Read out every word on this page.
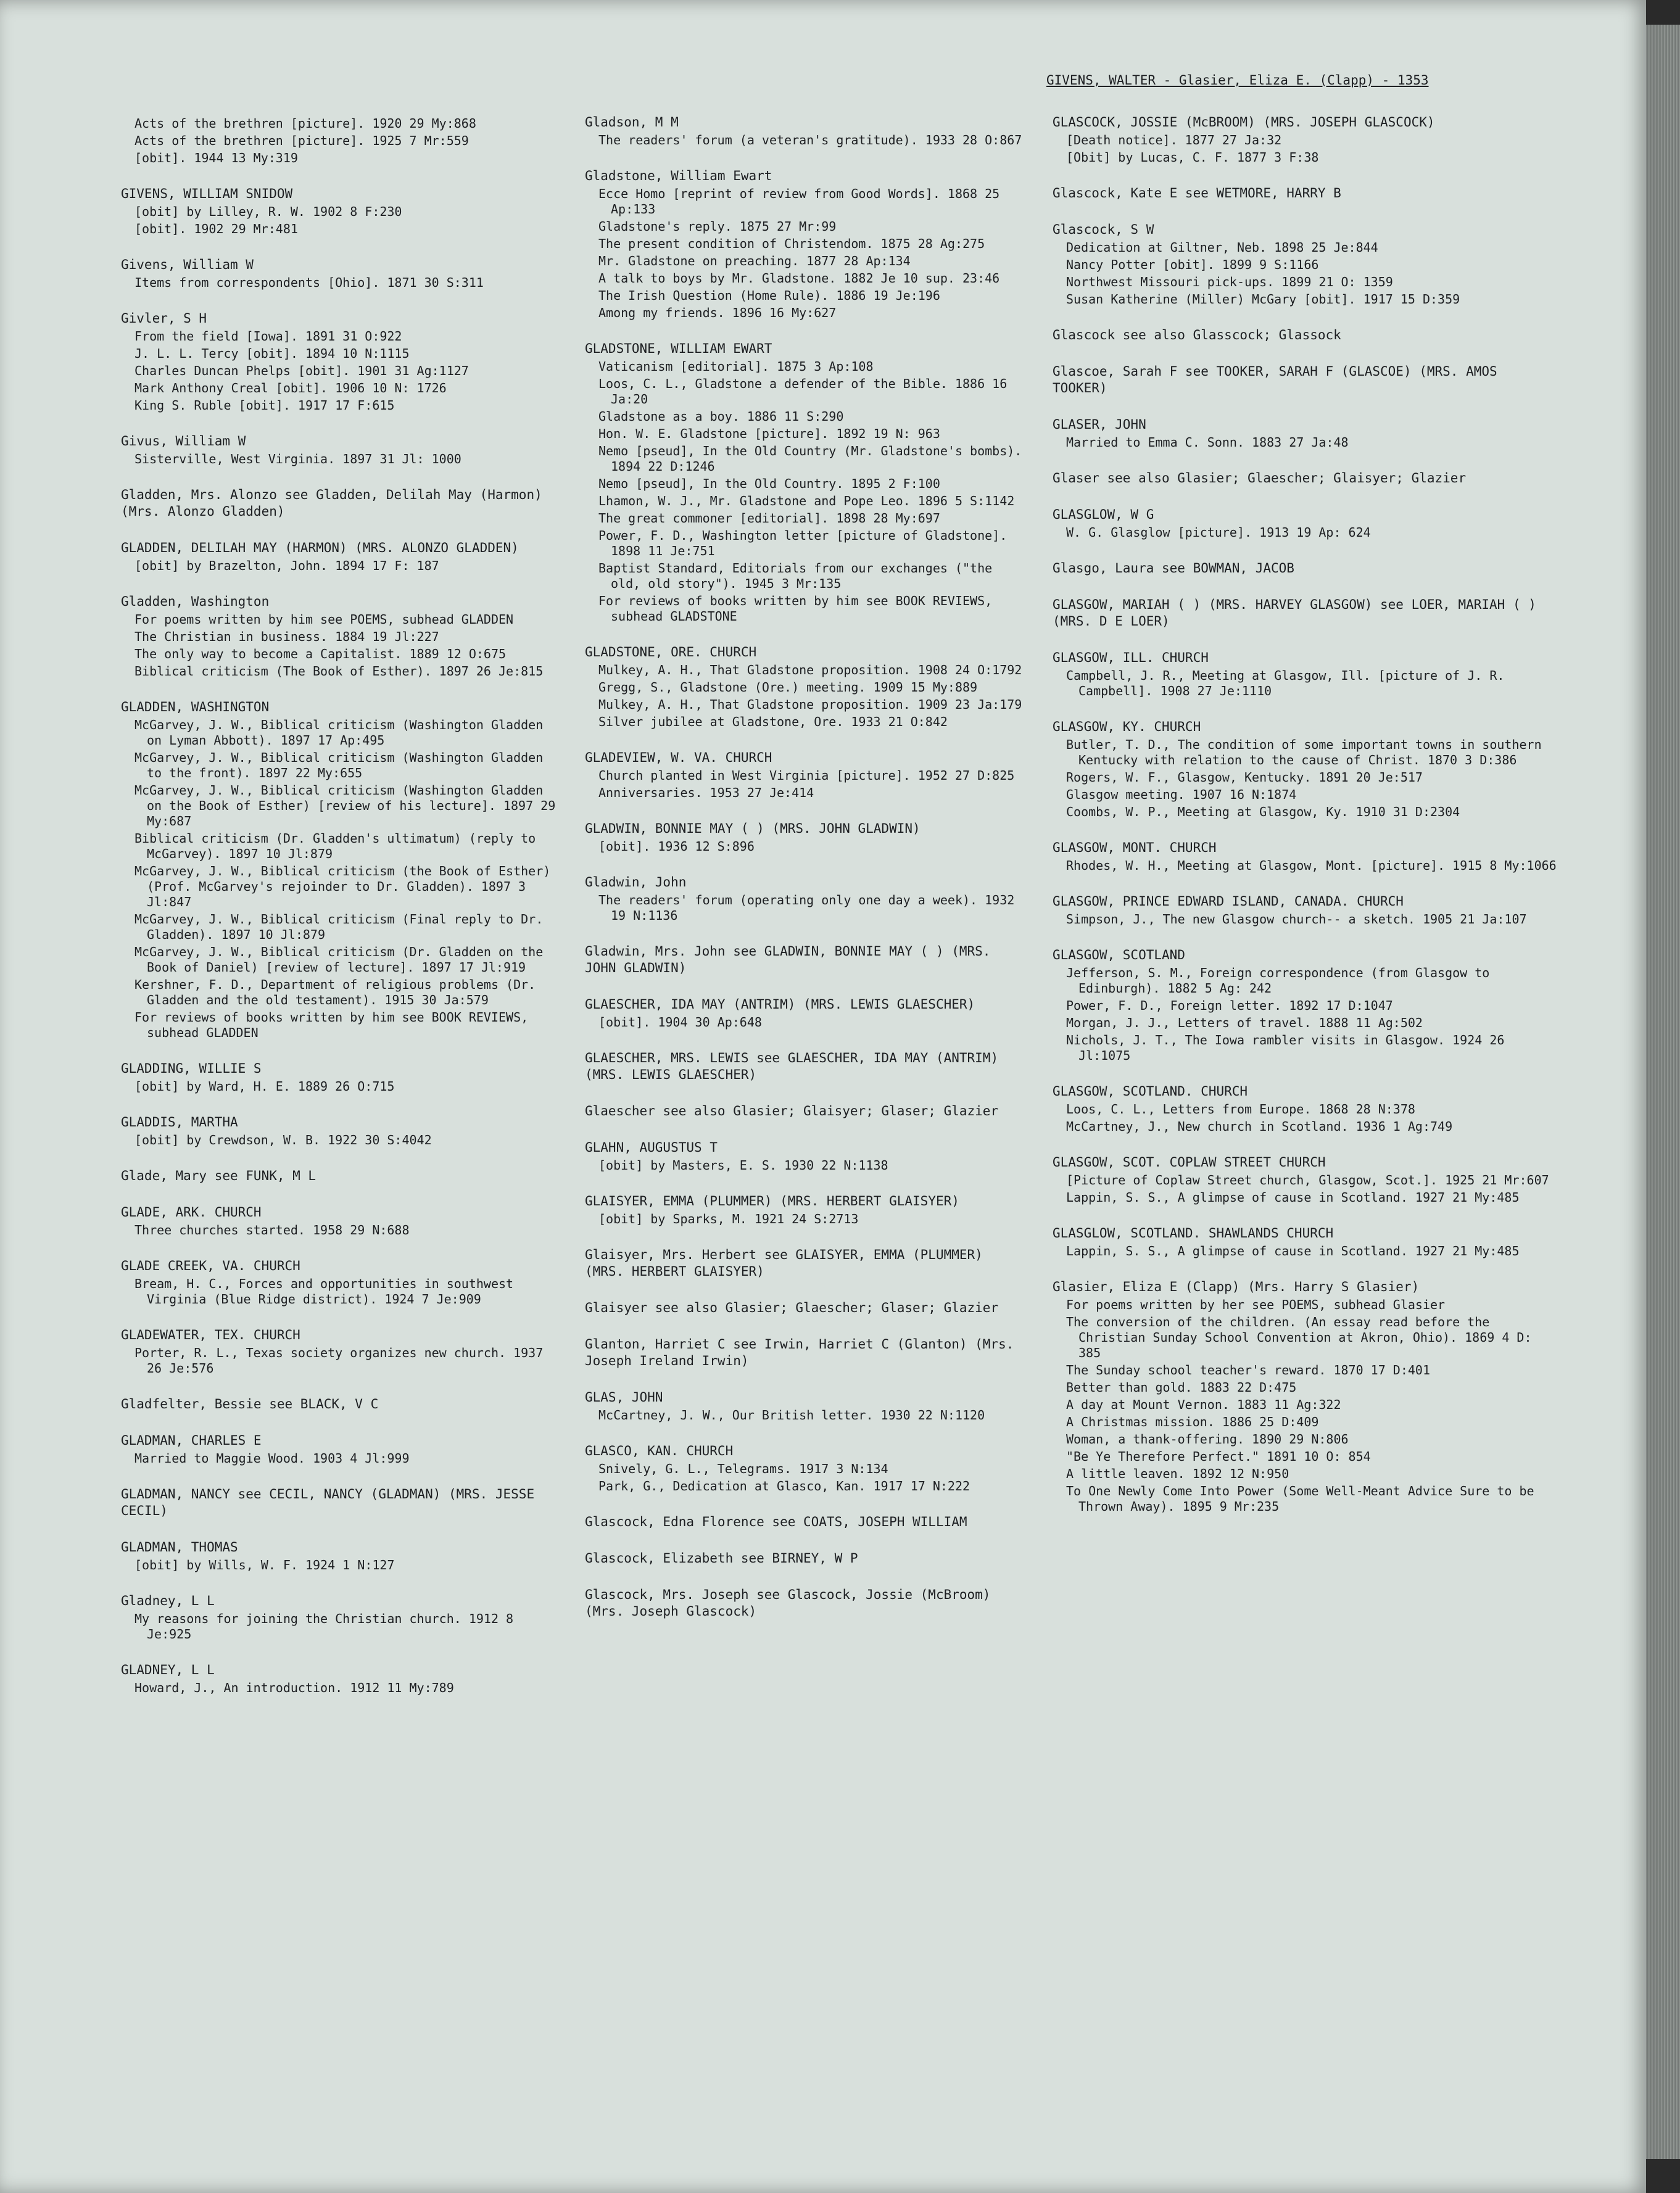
GIVENS, WALTER - Glasier, Eliza E. (Clapp) - 1353
Acts of the brethren [picture]. 1920 29 My:868
Acts of the brethren [picture]. 1925 7 Mr:559
[obit]. 1944 13 My:319
GIVENS, WILLIAM SNIDOW
[obit] by Lilley, R. W. 1902 8 F:230
[obit]. 1902 29 Mr:481
Givens, William W
Items from correspondents [Ohio]. 1871 30 S:311
Givler, S H
From the field [Iowa]. 1891 31 O:922
J. L. L. Tercy [obit]. 1894 10 N:1115
Charles Duncan Phelps [obit]. 1901 31 Ag:1127
Mark Anthony Creal [obit]. 1906 10 N: 1726
King S. Ruble [obit]. 1917 17 F:615
Givus, William W
Sisterville, West Virginia. 1897 31 Jl: 1000
Gladden, Mrs. Alonzo see Gladden, Delilah May (Harmon) (Mrs. Alonzo Gladden)
GLADDEN, DELILAH MAY (HARMON) (MRS. ALONZO GLADDEN)
[obit] by Brazelton, John. 1894 17 F: 187
Gladden, Washington
For poems written by him see POEMS, subhead GLADDEN
The Christian in business. 1884 19 Jl:227
The only way to become a Capitalist. 1889 12 O:675
Biblical criticism (The Book of Esther). 1897 26 Je:815
GLADDEN, WASHINGTON
McGarvey, J. W., Biblical criticism (Washington Gladden on Lyman Abbott). 1897 17 Ap:495
McGarvey, J. W., Biblical criticism (Washington Gladden to the front). 1897 22 My:655
McGarvey, J. W., Biblical criticism (Washington Gladden on the Book of Esther) [review of his lecture]. 1897 29 My:687
Biblical criticism (Dr. Gladden's ultimatum) (reply to McGarvey). 1897 10 Jl:879
McGarvey, J. W., Biblical criticism (the Book of Esther) (Prof. McGarvey's rejoinder to Dr. Gladden). 1897 3 Jl:847
McGarvey, J. W., Biblical criticism (Final reply to Dr. Gladden). 1897 10 Jl:879
McGarvey, J. W., Biblical criticism (Dr. Gladden on the Book of Daniel) [review of lecture]. 1897 17 Jl:919
Kershner, F. D., Department of religious problems (Dr. Gladden and the old testament). 1915 30 Ja:579
For reviews of books written by him see BOOK REVIEWS, subhead GLADDEN
GLADDING, WILLIE S
[obit] by Ward, H. E. 1889 26 O:715
GLADDIS, MARTHA
[obit] by Crewdson, W. B. 1922 30 S:4042
Glade, Mary see FUNK, M L
GLADE, ARK. CHURCH
Three churches started. 1958 29 N:688
GLADE CREEK, VA. CHURCH
Bream, H. C., Forces and opportunities in southwest Virginia (Blue Ridge district). 1924 7 Je:909
GLADEWATER, TEX. CHURCH
Porter, R. L., Texas society organizes new church. 1937 26 Je:576
Gladfelter, Bessie see BLACK, V C
GLADMAN, CHARLES E
Married to Maggie Wood. 1903 4 Jl:999
GLADMAN, NANCY see CECIL, NANCY (GLADMAN) (MRS. JESSE CECIL)
GLADMAN, THOMAS
[obit] by Wills, W. F. 1924 1 N:127
Gladney, L L
My reasons for joining the Christian church. 1912 8 Je:925
GLADNEY, L L
Howard, J., An introduction. 1912 11 My:789
Gladson, M M
The readers' forum (a veteran's gratitude). 1933 28 O:867
Gladstone, William Ewart
Ecce Homo [reprint of review from Good Words]. 1868 25 Ap:133
Gladstone's reply. 1875 27 Mr:99
The present condition of Christendom. 1875 28 Ag:275
Mr. Gladstone on preaching. 1877 28 Ap:134
A talk to boys by Mr. Gladstone. 1882 Je 10 sup. 23:46
The Irish Question (Home Rule). 1886 19 Je:196
Among my friends. 1896 16 My:627
GLADSTONE, WILLIAM EWART
Vaticanism [editorial]. 1875 3 Ap:108
Loos, C. L., Gladstone a defender of the Bible. 1886 16 Ja:20
Gladstone as a boy. 1886 11 S:290
Hon. W. E. Gladstone [picture]. 1892 19 N: 963
Nemo [pseud], In the Old Country (Mr. Gladstone's bombs). 1894 22 D:1246
Nemo [pseud], In the Old Country. 1895 2 F:100
Lhamon, W. J., Mr. Gladstone and Pope Leo. 1896 5 S:1142
The great commoner [editorial]. 1898 28 My:697
Power, F. D., Washington letter [picture of Gladstone]. 1898 11 Je:751
Baptist Standard, Editorials from our exchanges ("the old, old story"). 1945 3 Mr:135
For reviews of books written by him see BOOK REVIEWS, subhead GLADSTONE
GLADSTONE, ORE. CHURCH
Mulkey, A. H., That Gladstone proposition. 1908 24 O:1792
Gregg, S., Gladstone (Ore.) meeting. 1909 15 My:889
Mulkey, A. H., That Gladstone proposition. 1909 23 Ja:179
Silver jubilee at Gladstone, Ore. 1933 21 O:842
GLADEVIEW, W. VA. CHURCH
Church planted in West Virginia [picture]. 1952 27 D:825
Anniversaries. 1953 27 Je:414
GLADWIN, BONNIE MAY ( ) (MRS. JOHN GLADWIN)
[obit]. 1936 12 S:896
Gladwin, John
The readers' forum (operating only one day a week). 1932 19 N:1136
Gladwin, Mrs. John see GLADWIN, BONNIE MAY ( ) (MRS. JOHN GLADWIN)
GLAESCHER, IDA MAY (ANTRIM) (MRS. LEWIS GLAESCHER)
[obit]. 1904 30 Ap:648
GLAESCHER, MRS. LEWIS see GLAESCHER, IDA MAY (ANTRIM) (MRS. LEWIS GLAESCHER)
Glaescher see also Glasier; Glaisyer; Glaser; Glazier
GLAHN, AUGUSTUS T
[obit] by Masters, E. S. 1930 22 N:1138
GLAISYER, EMMA (PLUMMER) (MRS. HERBERT GLAISYER)
[obit] by Sparks, M. 1921 24 S:2713
Glaisyer, Mrs. Herbert see GLAISYER, EMMA (PLUMMER) (MRS. HERBERT GLAISYER)
Glaisyer see also Glasier; Glaescher; Glaser; Glazier
Glanton, Harriet C see Irwin, Harriet C (Glanton) (Mrs. Joseph Ireland Irwin)
GLAS, JOHN
McCartney, J. W., Our British letter. 1930 22 N:1120
GLASCO, KAN. CHURCH
Snively, G. L., Telegrams. 1917 3 N:134
Park, G., Dedication at Glasco, Kan. 1917 17 N:222
Glascock, Edna Florence see COATS, JOSEPH WILLIAM
Glascock, Elizabeth see BIRNEY, W P
Glascock, Mrs. Joseph see Glascock, Jossie (McBroom) (Mrs. Joseph Glascock)
GLASCOCK, JOSSIE (McBROOM) (MRS. JOSEPH GLASCOCK)
[Death notice]. 1877 27 Ja:32
[Obit] by Lucas, C. F. 1877 3 F:38
Glascock, Kate E see WETMORE, HARRY B
Glascock, S W
Dedication at Giltner, Neb. 1898 25 Je:844
Nancy Potter [obit]. 1899 9 S:1166
Northwest Missouri pick-ups. 1899 21 O: 1359
Susan Katherine (Miller) McGary [obit]. 1917 15 D:359
Glascock see also Glasscock; Glassock
Glascoe, Sarah F see TOOKER, SARAH F (GLASCOE) (MRS. AMOS TOOKER)
GLASER, JOHN
Married to Emma C. Sonn. 1883 27 Ja:48
Glaser see also Glasier; Glaescher; Glaisyer; Glazier
GLASGLOW, W G
W. G. Glasglow [picture]. 1913 19 Ap: 624
Glasgo, Laura see BOWMAN, JACOB
GLASGOW, MARIAH ( ) (MRS. HARVEY GLASGOW) see LOER, MARIAH ( ) (MRS. D E LOER)
GLASGOW, ILL. CHURCH
Campbell, J. R., Meeting at Glasgow, Ill. [picture of J. R. Campbell]. 1908 27 Je:1110
GLASGOW, KY. CHURCH
Butler, T. D., The condition of some important towns in southern Kentucky with relation to the cause of Christ. 1870 3 D:386
Rogers, W. F., Glasgow, Kentucky. 1891 20 Je:517
Glasgow meeting. 1907 16 N:1874
Coombs, W. P., Meeting at Glasgow, Ky. 1910 31 D:2304
GLASGOW, MONT. CHURCH
Rhodes, W. H., Meeting at Glasgow, Mont. [picture]. 1915 8 My:1066
GLASGOW, PRINCE EDWARD ISLAND, CANADA. CHURCH
Simpson, J., The new Glasgow church-- a sketch. 1905 21 Ja:107
GLASGOW, SCOTLAND
Jefferson, S. M., Foreign correspondence (from Glasgow to Edinburgh). 1882 5 Ag: 242
Power, F. D., Foreign letter. 1892 17 D:1047
Morgan, J. J., Letters of travel. 1888 11 Ag:502
Nichols, J. T., The Iowa rambler visits in Glasgow. 1924 26 Jl:1075
GLASGOW, SCOTLAND. CHURCH
Loos, C. L., Letters from Europe. 1868 28 N:378
McCartney, J., New church in Scotland. 1936 1 Ag:749
GLASGOW, SCOT. COPLAW STREET CHURCH
[Picture of Coplaw Street church, Glasgow, Scot.]. 1925 21 Mr:607
Lappin, S. S., A glimpse of cause in Scotland. 1927 21 My:485
GLASGLOW, SCOTLAND. SHAWLANDS CHURCH
Lappin, S. S., A glimpse of cause in Scotland. 1927 21 My:485
Glasier, Eliza E (Clapp) (Mrs. Harry S Glasier)
For poems written by her see POEMS, subhead Glasier
The conversion of the children. (An essay read before the Christian Sunday School Convention at Akron, Ohio). 1869 4 D: 385
The Sunday school teacher's reward. 1870 17 D:401
Better than gold. 1883 22 D:475
A day at Mount Vernon. 1883 11 Ag:322
A Christmas mission. 1886 25 D:409
Woman, a thank-offering. 1890 29 N:806
"Be Ye Therefore Perfect." 1891 10 O: 854
A little leaven. 1892 12 N:950
To One Newly Come Into Power (Some Well-Meant Advice Sure to be Thrown Away). 1895 9 Mr:235
